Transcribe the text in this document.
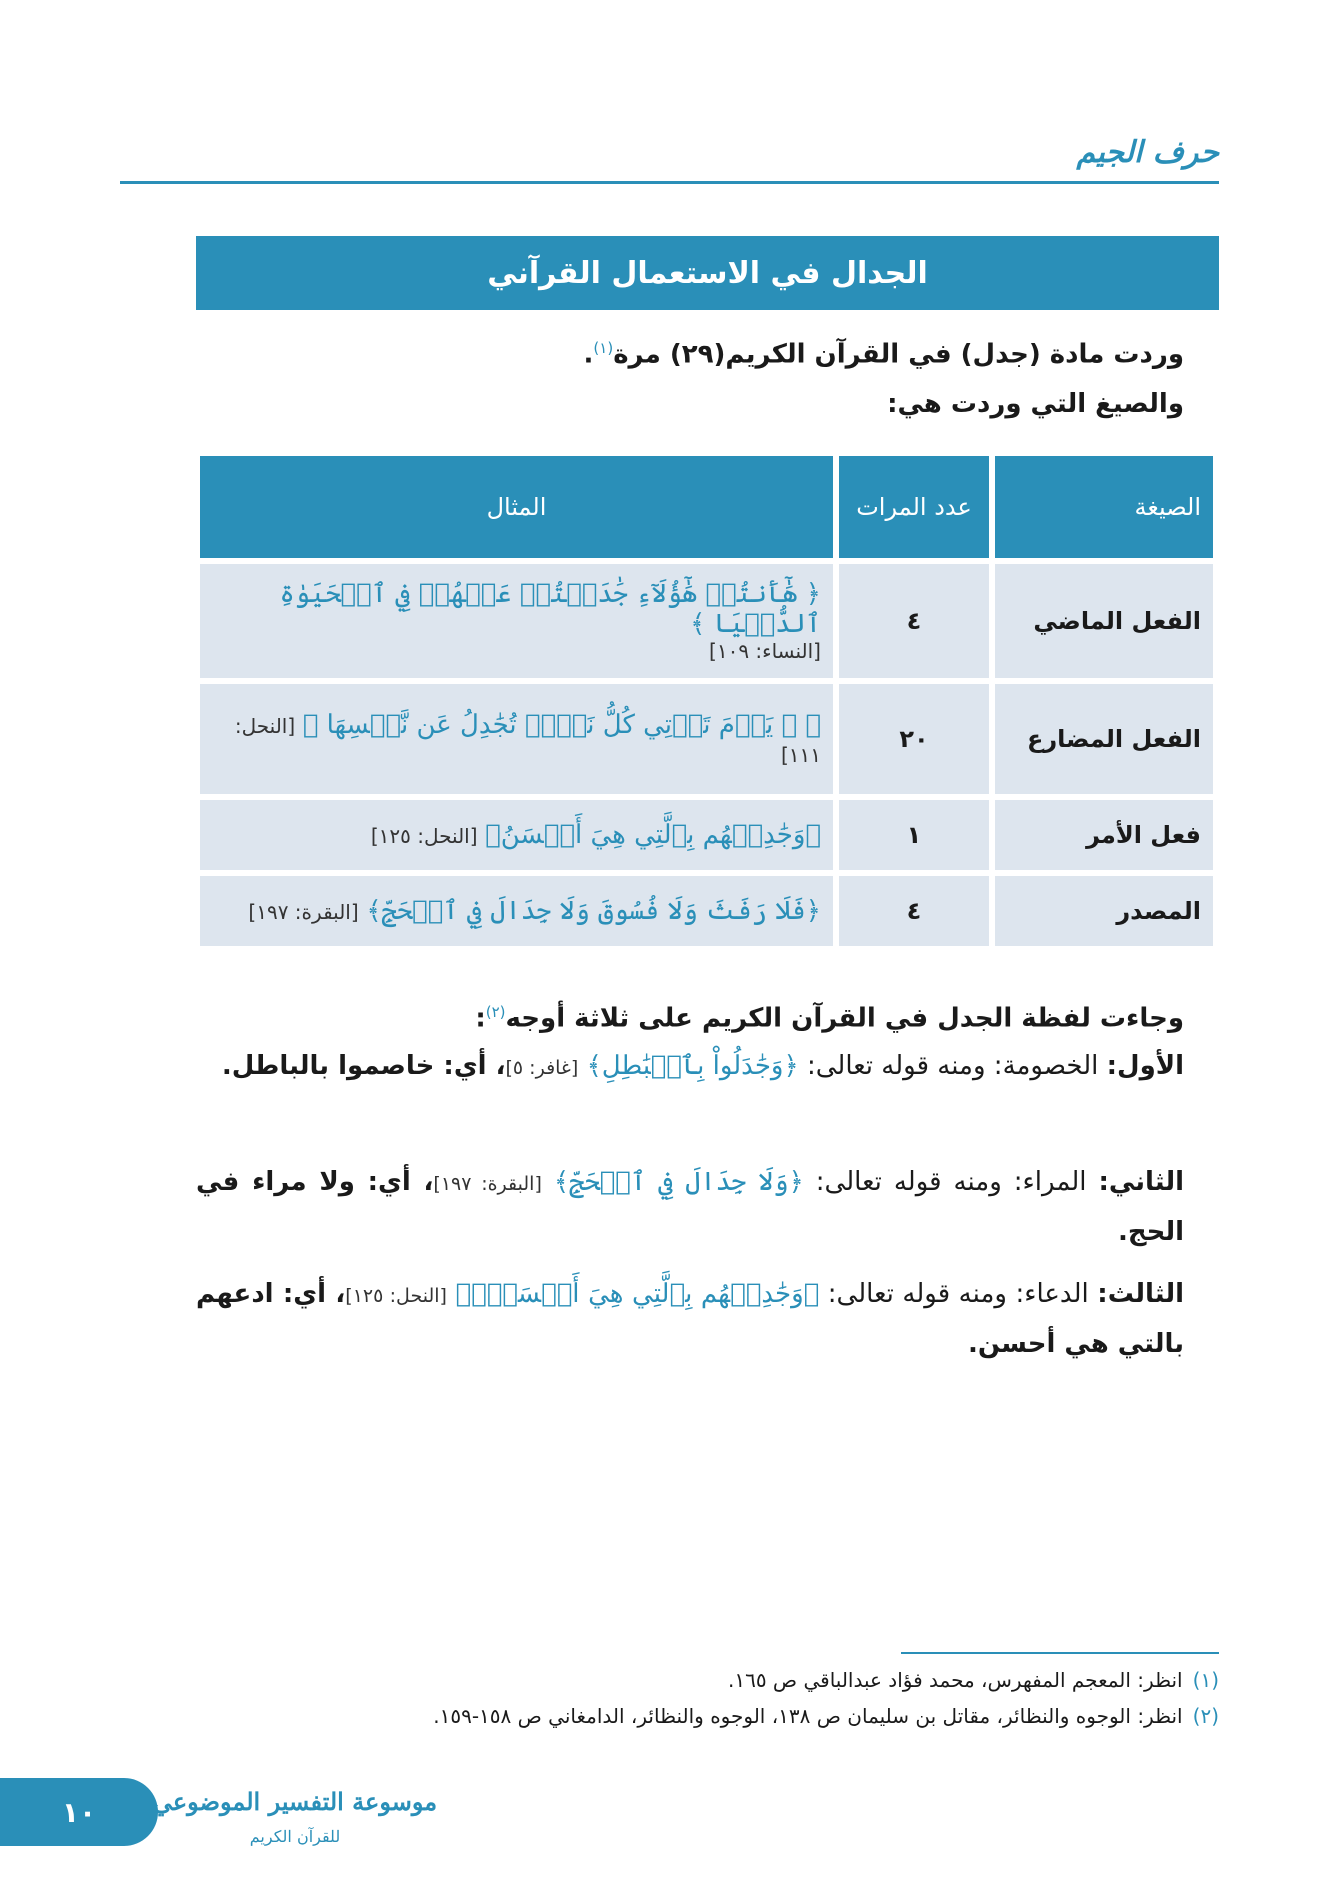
حرف الجيم
الجدال في الاستعمال القرآني
وردت مادة (جدل) في القرآن الكريم(٢٩) مرة$^{(١)}$.
والصيغ التي وردت هي:
الصيغة	عدد المرات	المثال
الفعل الماضي	٤	﴿ هَٰٓأَنتُمۡ هَٰٓؤُلَآءِ جَٰدَلۡتُمۡ عَنۡهُمۡ فِي ٱلۡحَيَوٰةِ ٱلدُّنۡيَا ﴾
[النساء: ١٠٩]

الفعل المضارع	٢٠	﴿ ۞ يَوۡمَ تَأۡتِي كُلُّ نَفۡسٖ تُجَٰدِلُ عَن نَّفۡسِهَا ﴾ [النحل: ١١١]
فعل الأمر	١	﴿وَجَٰدِلۡهُم بِٱلَّتِي هِيَ أَحۡسَنُ﴾ [النحل: ١٢٥]
المصدر	٤	﴿فَلَا رَفَثَ وَلَا فُسُوقَ وَلَا جِدَالَ فِي ٱلۡحَجِّ﴾ [البقرة: ١٩٧]
وجاءت لفظة الجدل في القرآن الكريم على ثلاثة أوجه$^{(٢)}$:
الأول: الخصومة: ومنه قوله تعالى: ﴿وَجَٰدَلُواْ بِٱلۡبَٰطِلِ﴾ [غافر: ٥]، أي: خاصموا بالباطل.
الثاني: المراء: ومنه قوله تعالى: ﴿وَلَا جِدَالَ فِي ٱلۡحَجِّ﴾ [البقرة: ١٩٧]، أي: ولا مراء في الحج.
الثالث: الدعاء: ومنه قوله تعالى: ﴿وَجَٰدِلۡهُم بِٱلَّتِي هِيَ أَحۡسَنُۚ﴾ [النحل: ١٢٥]، أي: ادعهم بالتي هي أحسن.
(١)انظر: المعجم المفهرس، محمد فؤاد عبدالباقي ص ١٦٥.
(٢)انظر: الوجوه والنظائر، مقاتل بن سليمان ص ١٣٨، الوجوه والنظائر، الدامغاني ص ١٥٨-١٥٩.
١٠ موسوعة التفسير الموضوعي
للقرآن الكريم
